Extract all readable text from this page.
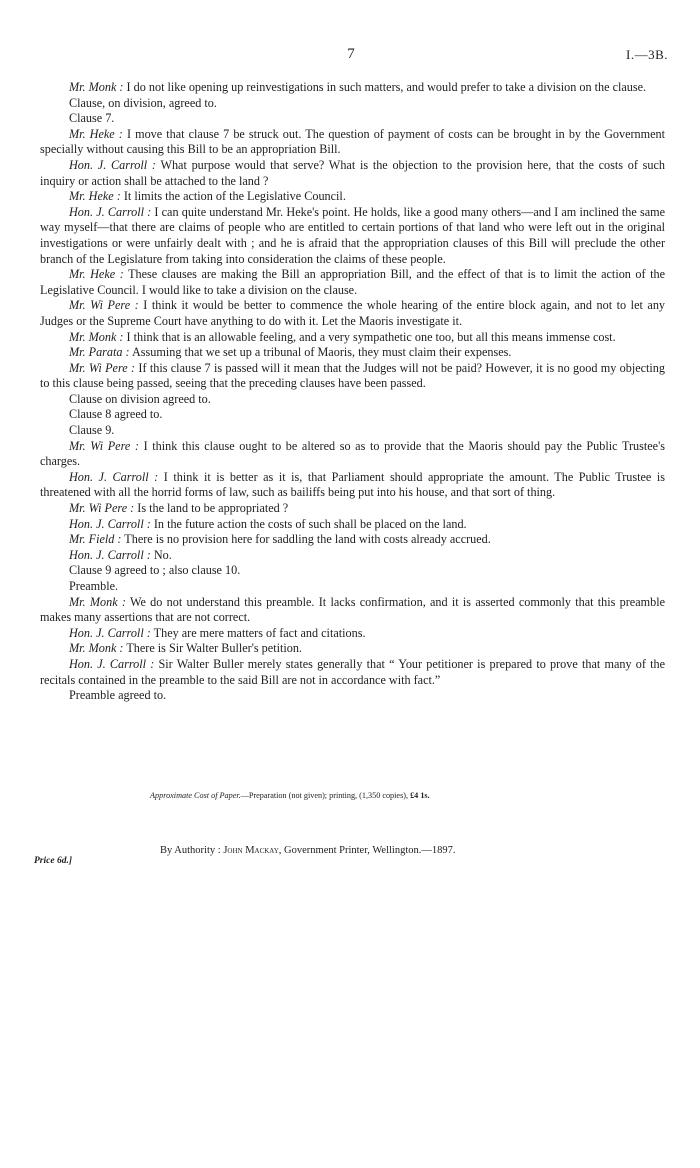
7	I.—3B.

Mr. Monk : I do not like opening up reinvestigations in such matters, and would prefer to take a division on the clause.

Clause, on division, agreed to.

Clause 7.

Mr. Heke : I move that clause 7 be struck out. The question of payment of costs can be brought in by the Government specially without causing this Bill to be an appropriation Bill.

Hon. J. Carroll : What purpose would that serve? What is the objection to the provision here, that the costs of such inquiry or action shall be attached to the land ?

Mr. Heke : It limits the action of the Legislative Council.

Hon. J. Carroll : I can quite understand Mr. Heke's point. He holds, like a good many others—and I am inclined the same way myself—that there are claims of people who are entitled to certain portions of that land who were left out in the original investigations or were unfairly dealt with ; and he is afraid that the appropriation clauses of this Bill will preclude the other branch of the Legislature from taking into consideration the claims of these people.

Mr. Heke : These clauses are making the Bill an appropriation Bill, and the effect of that is to limit the action of the Legislative Council. I would like to take a division on the clause.

Mr. Wi Pere : I think it would be better to commence the whole hearing of the entire block again, and not to let any Judges or the Supreme Court have anything to do with it. Let the Maoris investigate it.

Mr. Monk : I think that is an allowable feeling, and a very sympathetic one too, but all this means immense cost.

Mr. Parata : Assuming that we set up a tribunal of Maoris, they must claim their expenses.

Mr. Wi Pere : If this clause 7 is passed will it mean that the Judges will not be paid? However, it is no good my objecting to this clause being passed, seeing that the preceding clauses have been passed.

Clause on division agreed to.

Clause 8 agreed to.

Clause 9.

Mr. Wi Pere : I think this clause ought to be altered so as to provide that the Maoris should pay the Public Trustee's charges.

Hon. J. Carroll : I think it is better as it is, that Parliament should appropriate the amount. The Public Trustee is threatened with all the horrid forms of law, such as bailiffs being put into his house, and that sort of thing.

Mr. Wi Pere : Is the land to be appropriated ?

Hon. J. Carroll : In the future action the costs of such shall be placed on the land.

Mr. Field : There is no provision here for saddling the land with costs already accrued.

Hon. J. Carroll : No.

Clause 9 agreed to ; also clause 10.

Preamble.

Mr. Monk : We do not understand this preamble. It lacks confirmation, and it is asserted commonly that this preamble makes many assertions that are not correct.

Hon. J. Carroll : They are mere matters of fact and citations.

Mr. Monk : There is Sir Walter Buller's petition.

Hon. J. Carroll : Sir Walter Buller merely states generally that “ Your petitioner is prepared to prove that many of the recitals contained in the preamble to the said Bill are not in accordance with fact.”

Preamble agreed to.

Approximate Cost of Paper.—Preparation (not given); printing, (1,350 copies), £4 1s.
Price 6d.]
By Authority : John Mackay, Government Printer, Wellington.—1897.
